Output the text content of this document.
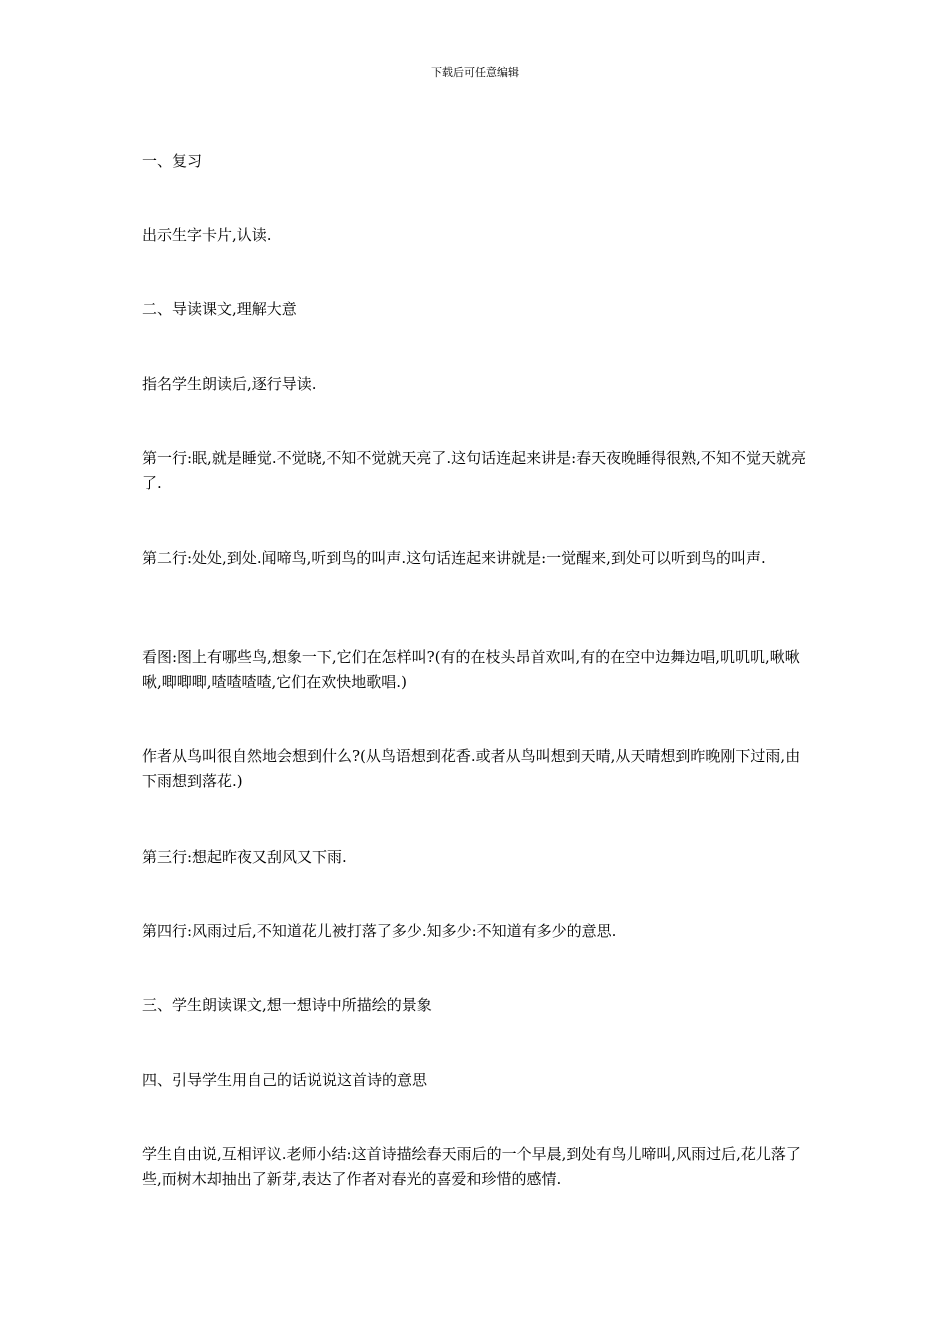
下载后可任意编辑
一、复习
出示生字卡片,认读.
二、导读课文,理解大意
指名学生朗读后,逐行导读.
第一行:眠,就是睡觉.不觉晓,不知不觉就天亮了.这句话连起来讲是:春天夜晚睡得很熟,不知不觉天就亮了.
第二行:处处,到处.闻啼鸟,听到鸟的叫声.这句话连起来讲就是:一觉醒来,到处可以听到鸟的叫声.
看图:图上有哪些鸟,想象一下,它们在怎样叫?(有的在枝头昂首欢叫,有的在空中边舞边唱,叽叽叽,啾啾啾,唧唧唧,喳喳喳喳,它们在欢快地歌唱.)
作者从鸟叫很自然地会想到什么?(从鸟语想到花香.或者从鸟叫想到天晴,从天晴想到昨晚刚下过雨,由下雨想到落花.)
第三行:想起昨夜又刮风又下雨.
第四行:风雨过后,不知道花儿被打落了多少.知多少:不知道有多少的意思.
三、学生朗读课文,想一想诗中所描绘的景象
四、引导学生用自己的话说说这首诗的意思
学生自由说,互相评议.老师小结:这首诗描绘春天雨后的一个早晨,到处有鸟儿啼叫,风雨过后,花儿落了些,而树木却抽出了新芽,表达了作者对春光的喜爱和珍惜的感情.
